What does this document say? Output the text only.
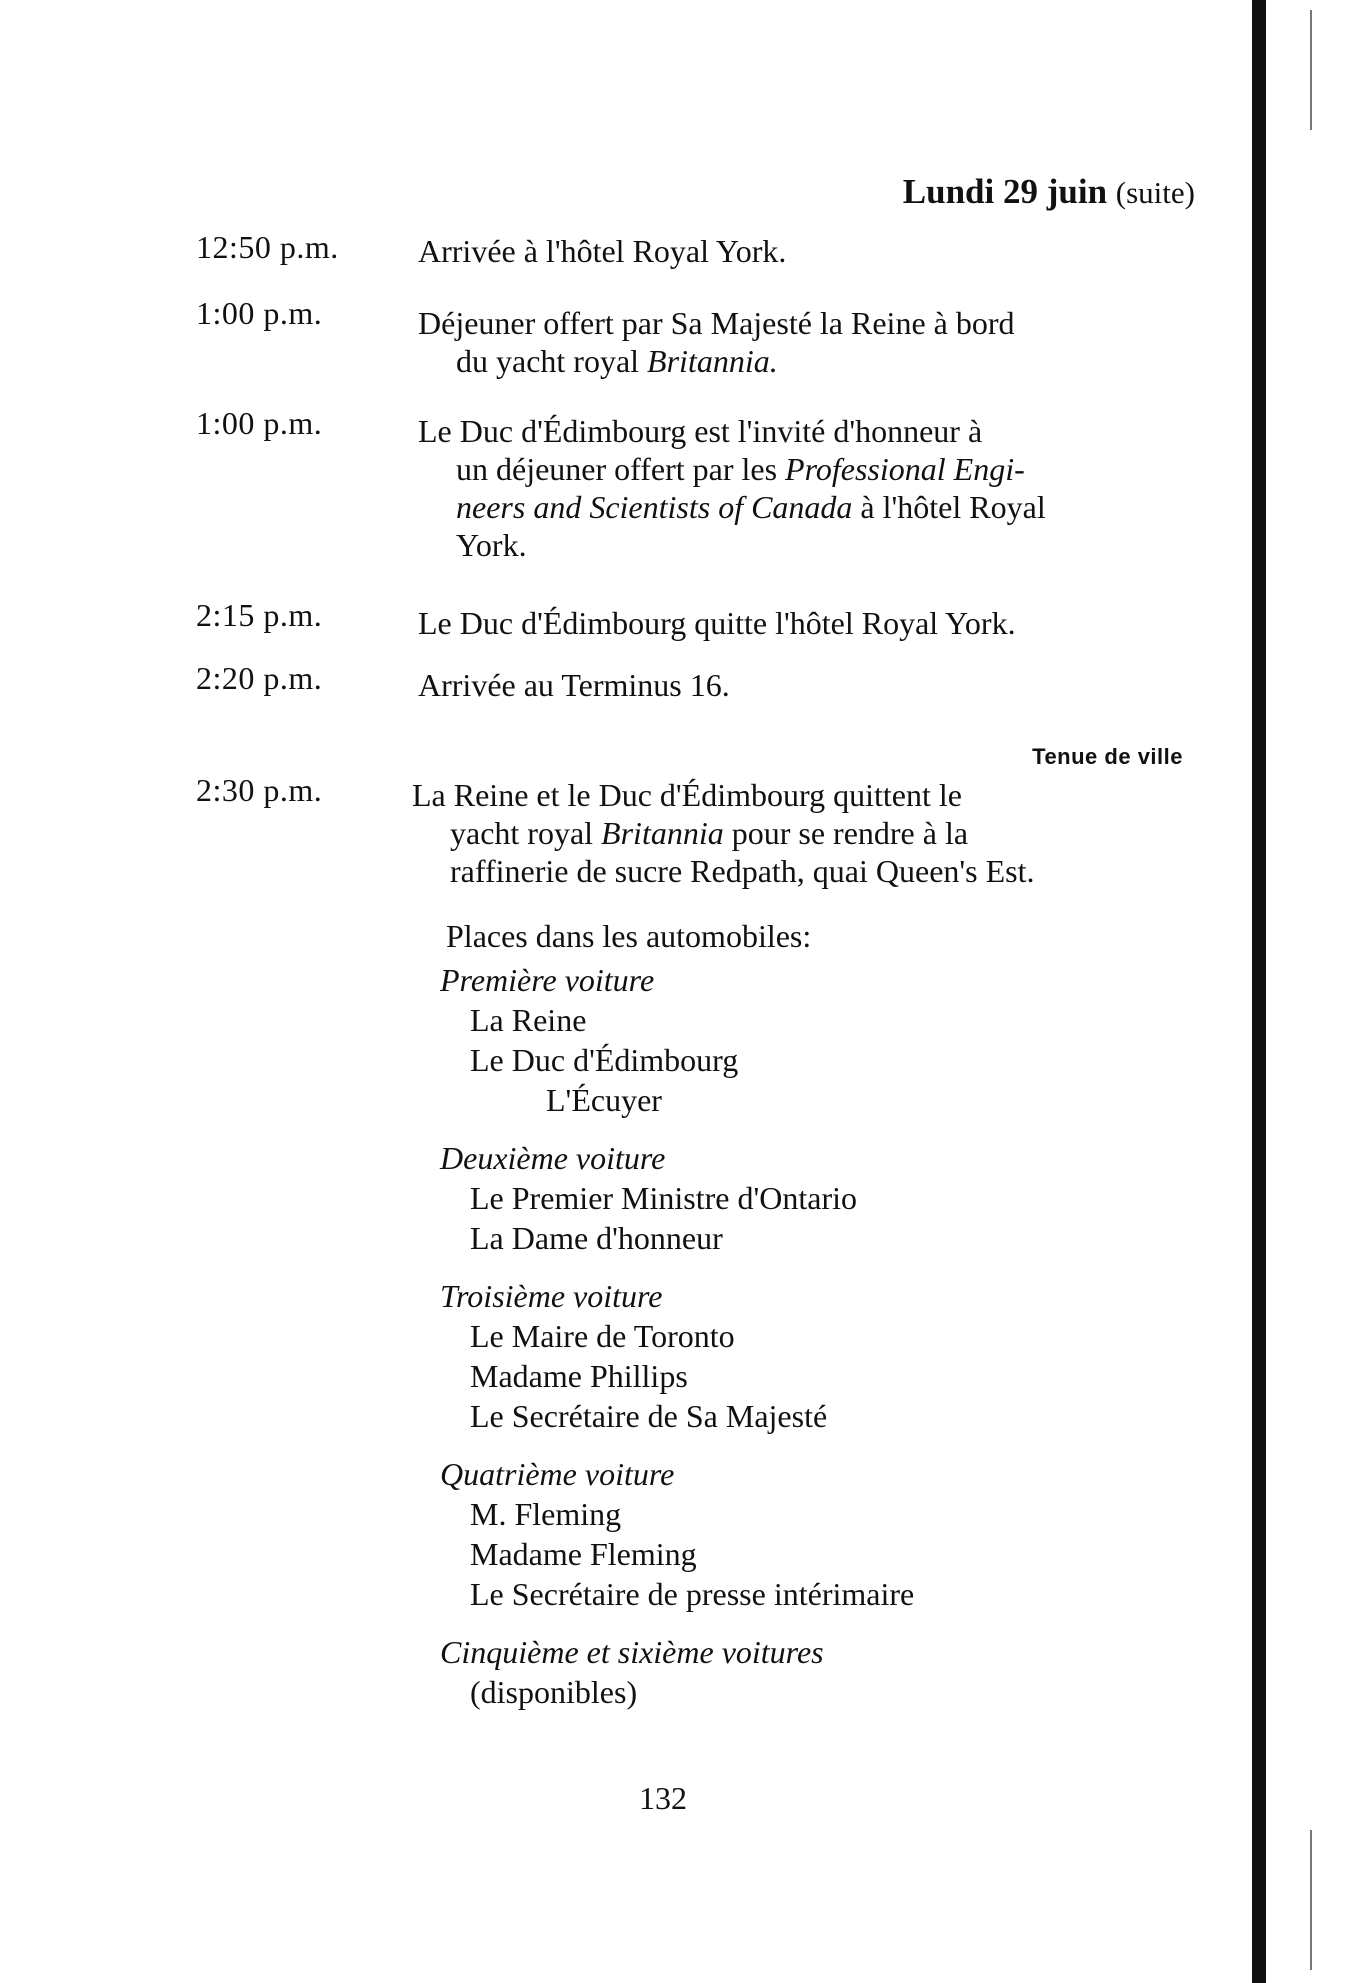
Lundi 29 juin (suite)
12:50 p.m.	Arrivée à l'hôtel Royal York.

1:00 p.m.	Déjeuner offert par Sa Majesté la Reine à bord

du yacht royal Britannia.

1:00 p.m.	Le Duc d'Édimbourg est l'invité d'honneur à

un déjeuner offert par les Professional Engi-

neers and Scientists of Canada à l'hôtel Royal

York.

2:15 p.m.	Le Duc d'Édimbourg quitte l'hôtel Royal York.

2:20 p.m.	Arrivée au Terminus 16.

Tenue de ville
2:30 p.m.	La Reine et le Duc d'Édimbourg quittent le

yacht royal Britannia pour se rendre à la

raffinerie de sucre Redpath, quai Queen's Est.

Places dans les automobiles:

Première voiture

La Reine

Le Duc d'Édimbourg

L'Écuyer

Deuxième voiture

Le Premier Ministre d'Ontario

La Dame d'honneur

Troisième voiture

Le Maire de Toronto

Madame Phillips

Le Secrétaire de Sa Majesté

Quatrième voiture

M. Fleming

Madame Fleming

Le Secrétaire de presse intérimaire

Cinquième et sixième voitures

(disponibles)

132
